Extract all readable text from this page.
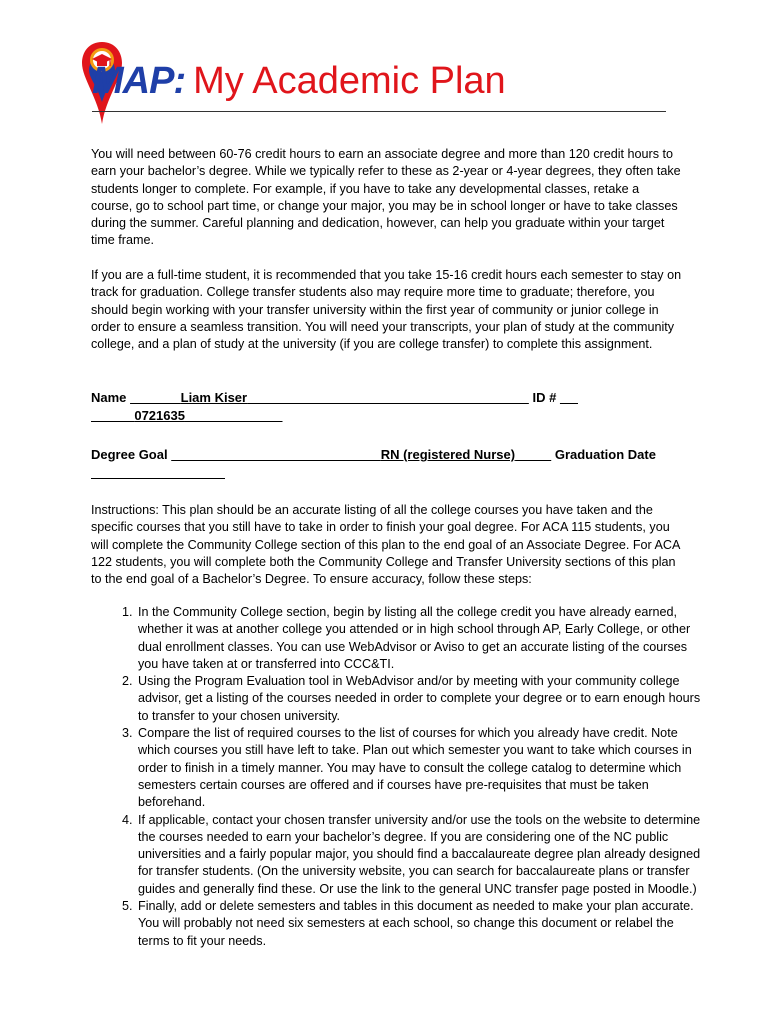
MAP: My Academic Plan

You will need between 60-76 credit hours to earn an associate degree and more than 120 credit hours to earn your bachelor’s degree. While we typically refer to these as 2-year or 4-year degrees, they often take students longer to complete. For example, if you have to take any developmental classes, retake a course, go to school part time, or change your major, you may be in school longer or have to take classes during the summer. Careful planning and dedication, however, can help you graduate within your target time frame.

If you are a full-time student, it is recommended that you take 15-16 credit hours each semester to stay on track for graduation. College transfer students also may require more time to graduate; therefore, you should begin working with your transfer university within the first year of community or junior college in order to ensure a seamless transition. You will need your transcripts, your plan of study at the community college, and a plan of study at the university (if you are college transfer) to complete this assignment.

Name	Liam Kiser	ID #
0721635
Degree Goal	RN (registered Nurse)	Graduation Date

Instructions: This plan should be an accurate listing of all the college courses you have taken and the specific courses that you still have to take in order to finish your goal degree. For ACA 115 students, you will complete the Community College section of this plan to the end goal of an Associate Degree. For ACA 122 students, you will complete both the Community College and Transfer University sections of this plan to the end goal of a Bachelor’s Degree. To ensure accuracy, follow these steps:

1. In the Community College section, begin by listing all the college credit you have already earned, whether it was at another college you attended or in high school through AP, Early College, or other dual enrollment classes. You can use WebAdvisor or Aviso to get an accurate listing of the courses you have taken at or transferred into CCC&TI.
2. Using the Program Evaluation tool in WebAdvisor and/or by meeting with your community college advisor, get a listing of the courses needed in order to complete your degree or to earn enough hours to transfer to your chosen university.
3. Compare the list of required courses to the list of courses for which you already have credit. Note which courses you still have left to take. Plan out which semester you want to take which courses in order to finish in a timely manner. You may have to consult the college catalog to determine which semesters certain courses are offered and if courses have pre-requisites that must be taken beforehand.
4. If applicable, contact your chosen transfer university and/or use the tools on the website to determine the courses needed to earn your bachelor’s degree. If you are considering one of the NC public universities and a fairly popular major, you should find a baccalaureate degree plan already designed for transfer students. (On the university website, you can search for baccalaureate plans or transfer guides and generally find these. Or use the link to the general UNC transfer page posted in Moodle.)
5. Finally, add or delete semesters and tables in this document as needed to make your plan accurate. You will probably not need six semesters at each school, so change this document or relabel the terms to fit your needs.
